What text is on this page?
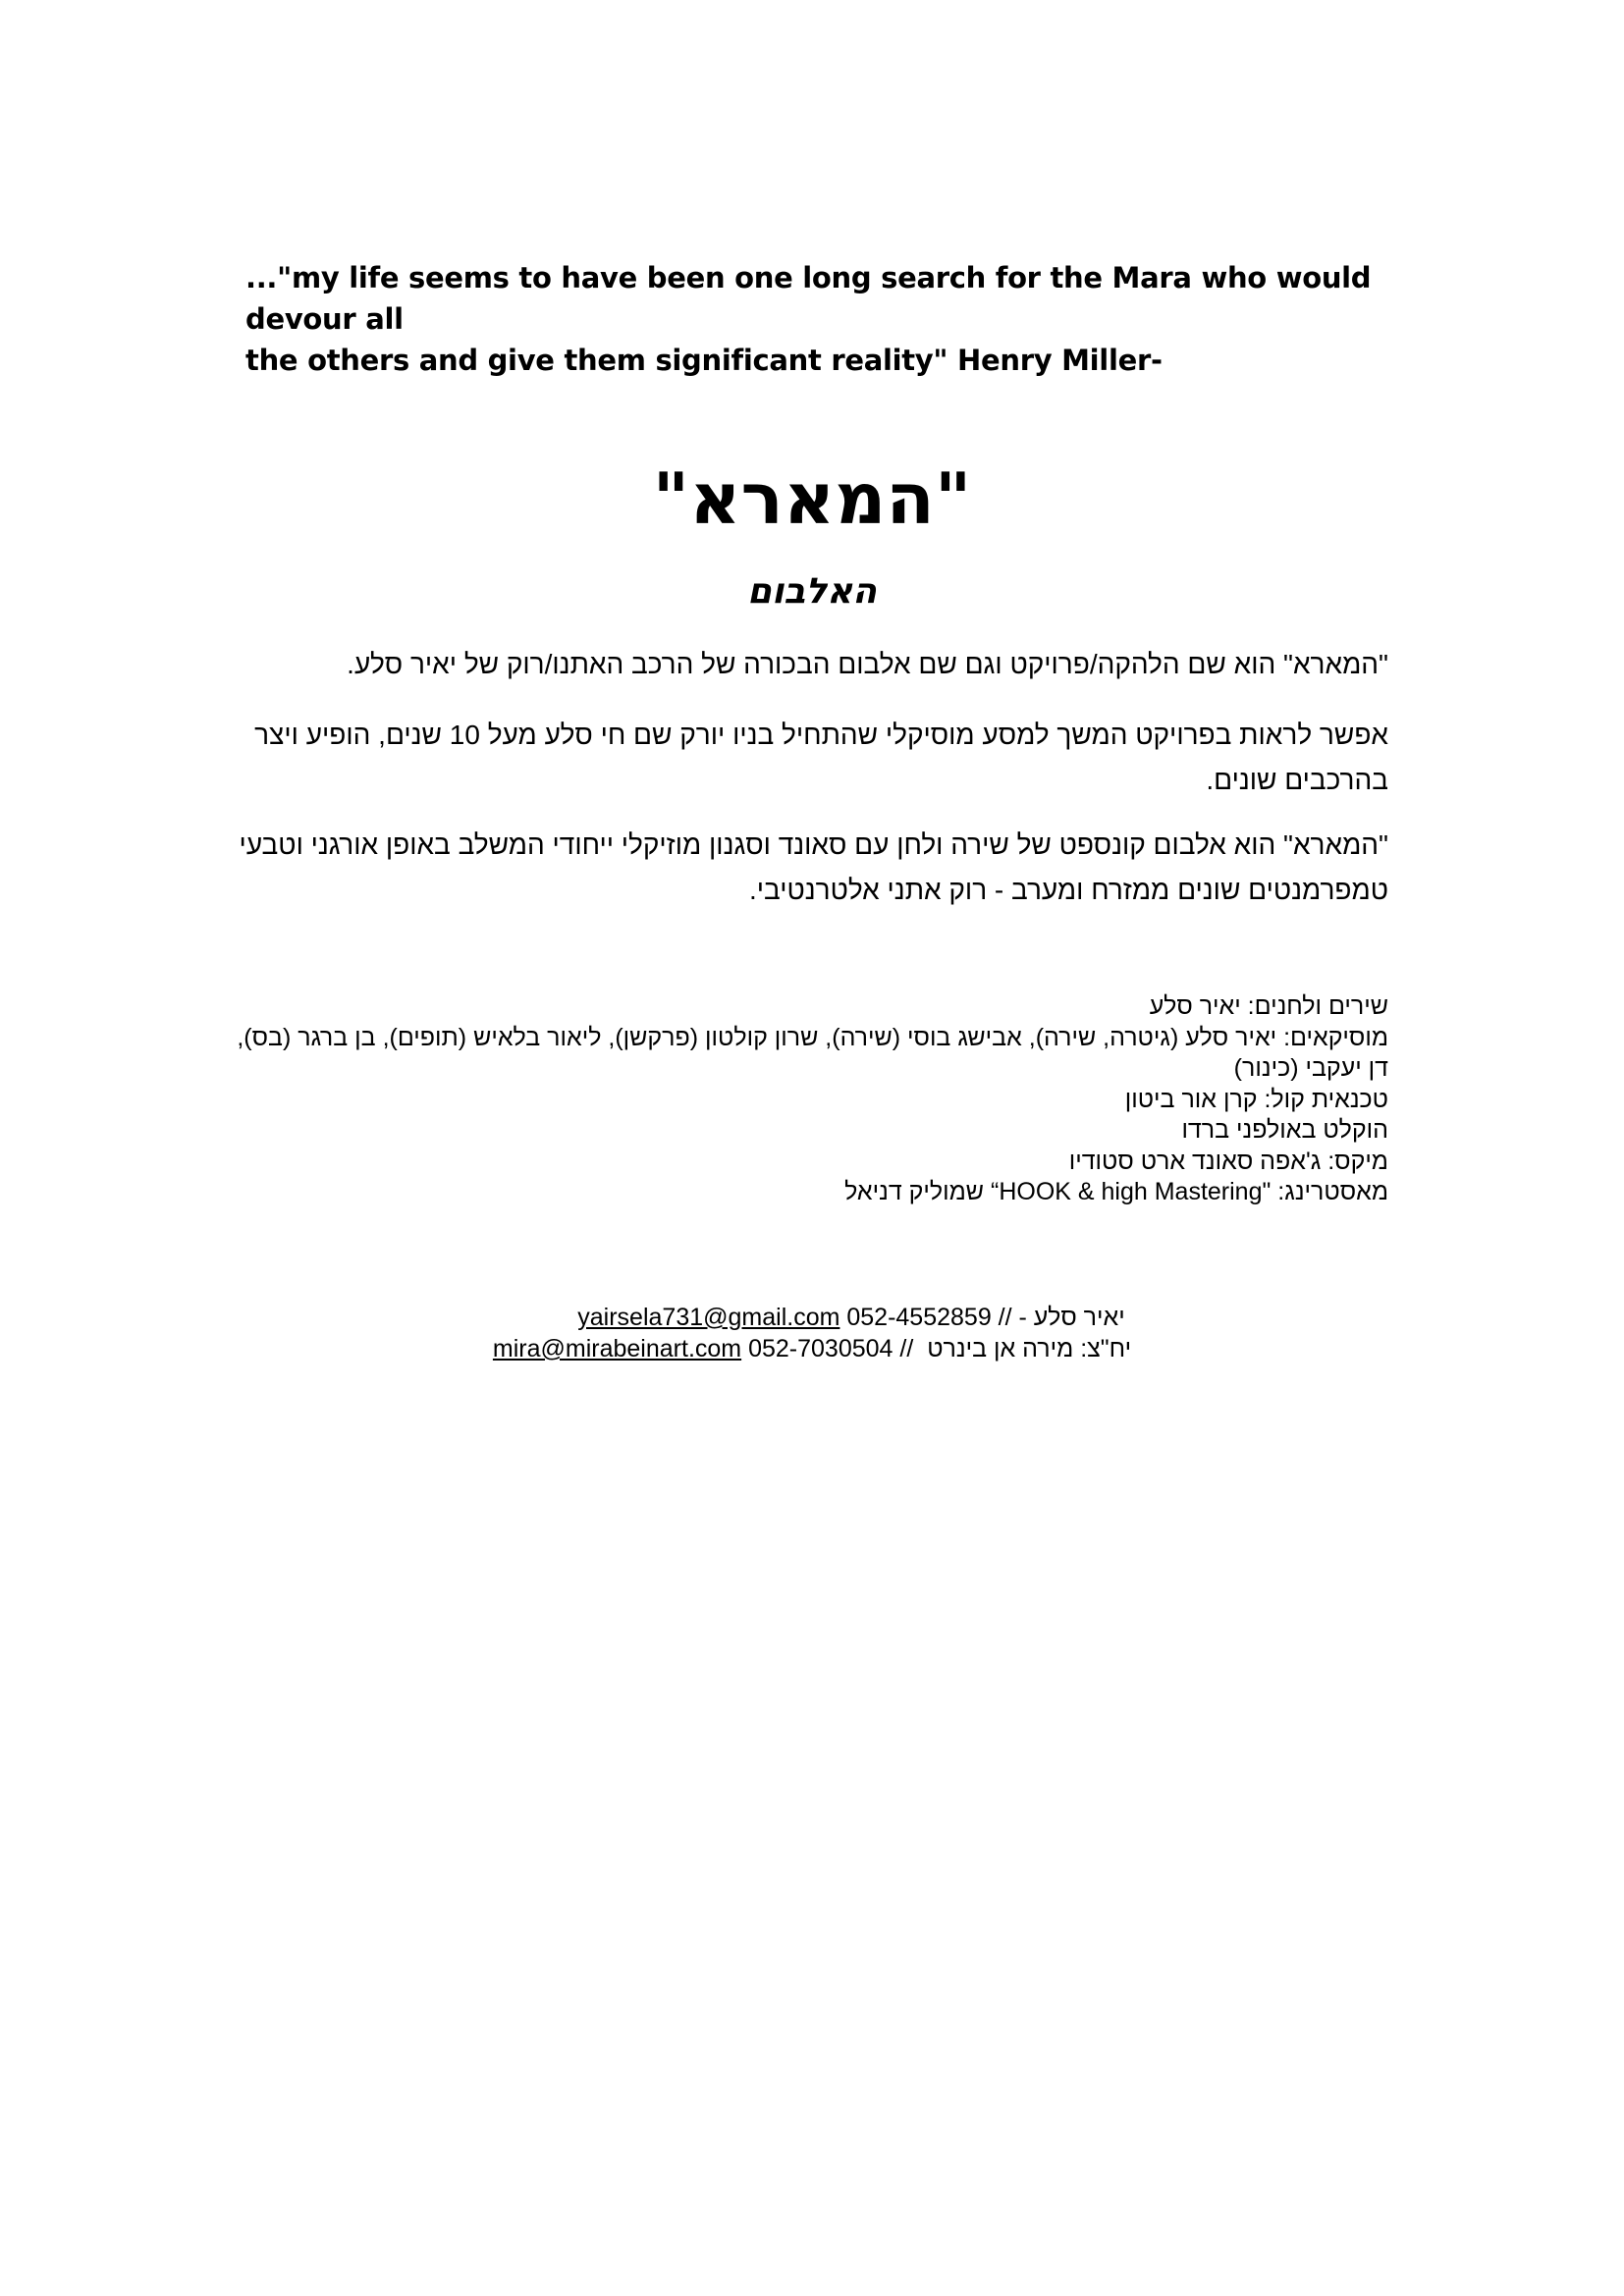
..."my life seems to have been one long search for the Mara who would devour all
the others and give them significant reality" Henry Miller-
"המארא"
האלבום
"המארא" הוא שם הלהקה/פרויקט וגם שם אלבום הבכורה של הרכב האתנו/רוק של יאיר סלע.
אפשר לראות בפרויקט המשך למסע מוסיקלי שהתחיל בניו יורק שם חי סלע מעל 10 שנים, הופיע ויצר בהרכבים שונים.
"המארא" הוא אלבום קונספט של שירה ולחן עם סאונד וסגנון מוזיקלי ייחודי המשלב באופן אורגני וטבעי טמפרמנטים שונים ממזרח ומערב - רוק אתני אלטרנטיבי.
שירים ולחנים: יאיר סלע
מוסיקאים: יאיר סלע (גיטרה, שירה), אבישג בוסי (שירה), שרון קולטון (פרקשן), ליאור בלאיש (תופים), בן ברגר (בס), דן יעקבי (כינור)
טכנאית קול: קרן אור ביטון
הוקלט באולפני ברדו
מיקס: ג'אפה סאונד ארט סטודיו
מאסטרינג: "HOOK & high Mastering“ שמוליק דניאל
יאיר סלע - yairsela731@gmail.com 052-4552859 //
יח"צ: מירה אן בינרט  mira@mirabeinart.com 052-7030504 //
